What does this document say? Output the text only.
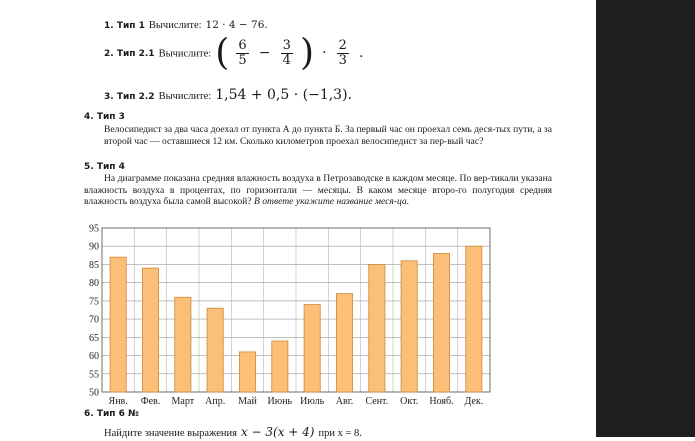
1. Тип 1 Вычислите: 12 · 4 − 76.
2. Тип 2.1 Вычислите: ( $\frac{6}{5} - \frac{3}{4}$ ) · $\frac{2}{3}$ .
3. Тип 2.2 Вычислите: 1,54 + 0,5 · (−1,3).
4. Тип 3
Велосипедист за два часа доехал от пункта А до пункта Б. За первый час он проехал семь деся-тых пути, а за второй час — оставшиеся 12 км. Сколько километров проехал велосипедист за пер-вый час?
5. Тип 4
На диаграмме показана средняя влажность воздуха в Петрозаводске в каждом месяце. По вер-тикали указана влажность воздуха в процентах, по горизонтали — месяцы. В каком месяце второ-го полугодия средняя влажность воздуха была самой высокой? В ответе укажите название меся-ца.
50
55
60
65
70
75
80
85
90
95
Янв. Фев. Март Апр. Май Июнь Июль Авг. Сент. Окт. Нояб. Дек.
6. Тип 6 №
Найдите значение выражения x − 3(x + 4) при x = 8.
